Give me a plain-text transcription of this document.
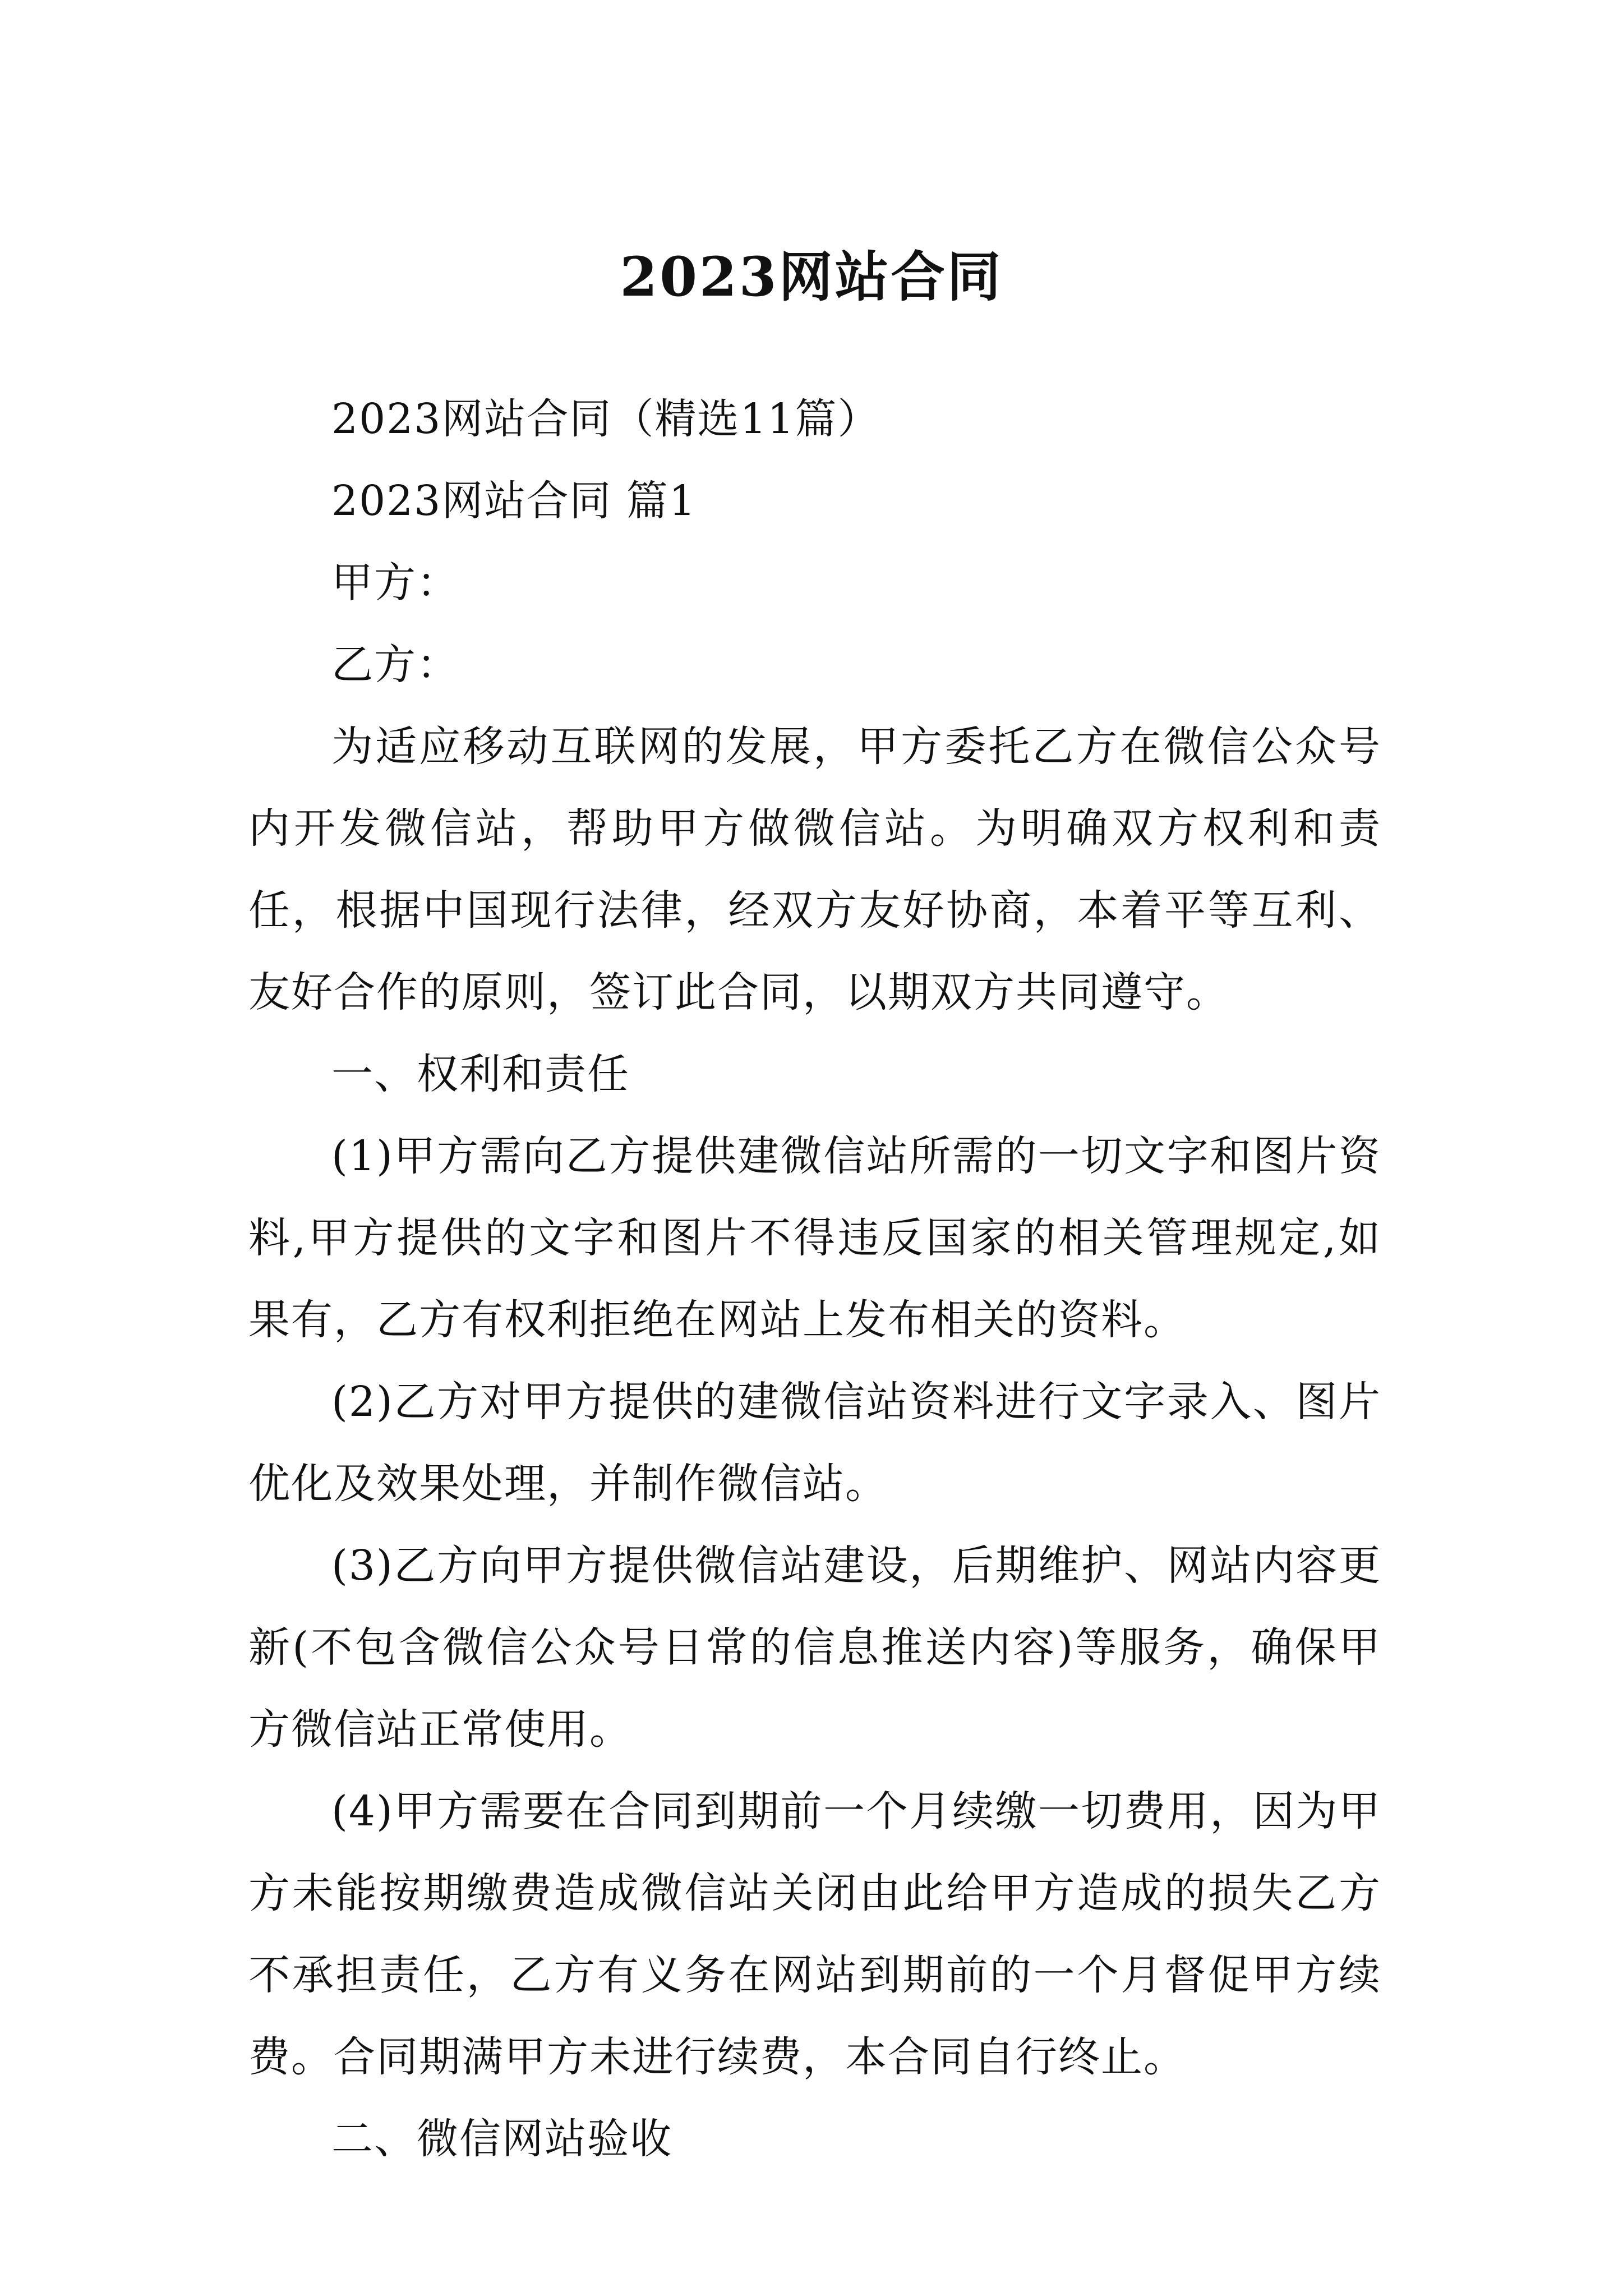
2023网站合同

2023网站合同（精选11篇）

2023网站合同 篇1

甲方：

乙方：

为适应移动互联网的发展，甲方委托乙方在微信公众号内开发微信站，帮助甲方做微信站。为明确双方权利和责任，根据中国现行法律，经双方友好协商，本着平等互利、友好合作的原则，签订此合同，以期双方共同遵守。

一、权利和责任

(1)甲方需向乙方提供建微信站所需的一切文字和图片资料,甲方提供的文字和图片不得违反国家的相关管理规定,如果有，乙方有权利拒绝在网站上发布相关的资料。

(2)乙方对甲方提供的建微信站资料进行文字录入、图片优化及效果处理，并制作微信站。

(3)乙方向甲方提供微信站建设，后期维护、网站内容更新(不包含微信公众号日常的信息推送内容)等服务，确保甲方微信站正常使用。

(4)甲方需要在合同到期前一个月续缴一切费用，因为甲方未能按期缴费造成微信站关闭由此给甲方造成的损失乙方不承担责任，乙方有义务在网站到期前的一个月督促甲方续费。合同期满甲方未进行续费，本合同自行终止。

二、微信网站验收
